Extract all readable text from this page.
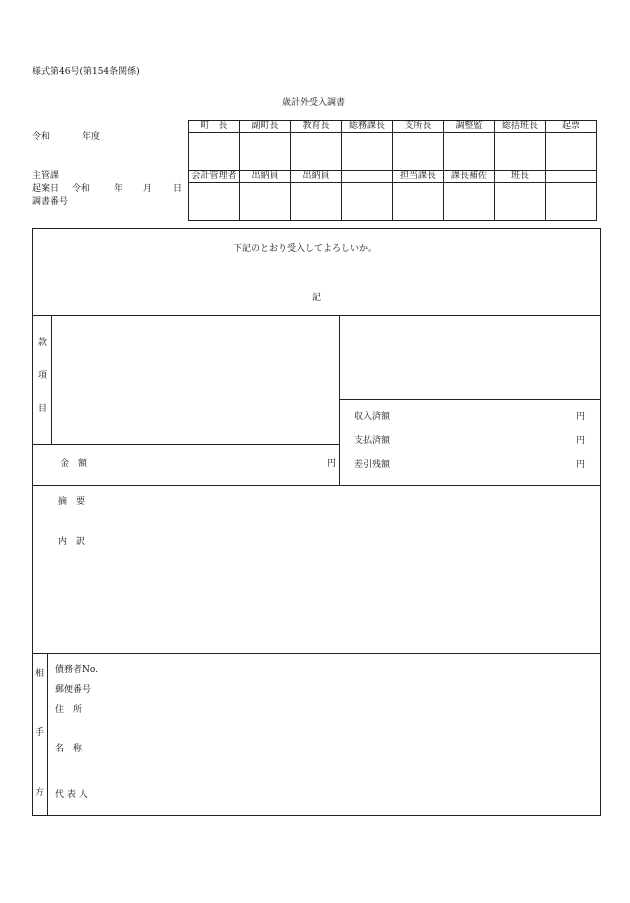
様式第46号(第154条関係)
歳計外受入調書
令和	年度
主管課
起案日 令和	年 月 日
調書番号
町　長	副町長	教育長	総務課長	支所長	調整監	総括班長	起票

会計管理者	出納員	出納員		担当課長	課長補佐	班長	

下記のとおり受入してよろしいか。
記
款
項
目
金　額	円
収入済額	円
支払済額	円
差引残額	円
摘　要
内　訳
相
手
方
債務者No.
郵便番号
住　所
名　称
代 表 人
